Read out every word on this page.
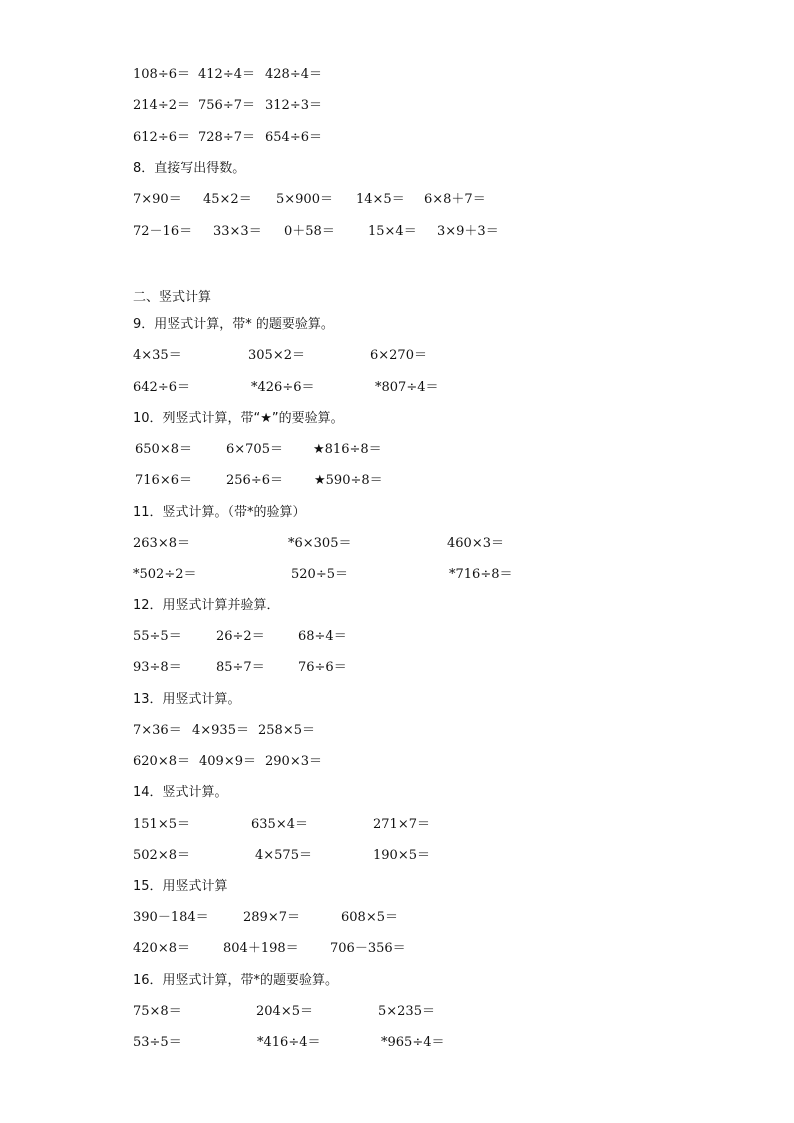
108÷6＝ 412÷4＝ 428÷4＝
214÷2＝ 756÷7＝ 312÷3＝
612÷6＝ 728÷7＝ 654÷6＝
8．直接写出得数。
7×90＝ 45×2＝ 5×900＝ 14×5＝ 6×8＋7＝
72－16＝ 33×3＝ 0＋58＝	15×4＝ 3×9＋3＝
二、竖式计算
9．用竖式计算，带* 的题要验算。
4×35＝	305×2＝	6×270＝
642÷6＝	*426÷6＝	*807÷4＝
10．列竖式计算，带“★”的要验算。
650×8＝	6×705＝ ★816÷8＝
716×6＝	256÷6＝ ★590÷8＝
11．竖式计算。（带*的验算）
263×8＝	*6×305＝	460×3＝
*502÷2＝	520÷5＝	*716÷8＝
12．用竖式计算并验算．
55÷5＝	26÷2＝	68÷4＝
93÷8＝	85÷7＝	76÷6＝
13．用竖式计算。
7×36＝ 4×935＝ 258×5＝
620×8＝ 409×9＝ 290×3＝
14．竖式计算。
151×5＝	635×4＝	271×7＝
502×8＝	4×575＝	190×5＝
15．用竖式计算
390－184＝	289×7＝	608×5＝
420×8＝	804＋198＝ 706－356＝
16．用竖式计算，带*的题要验算。
75×8＝	204×5＝	5×235＝
53÷5＝	*416÷4＝	*965÷4＝
